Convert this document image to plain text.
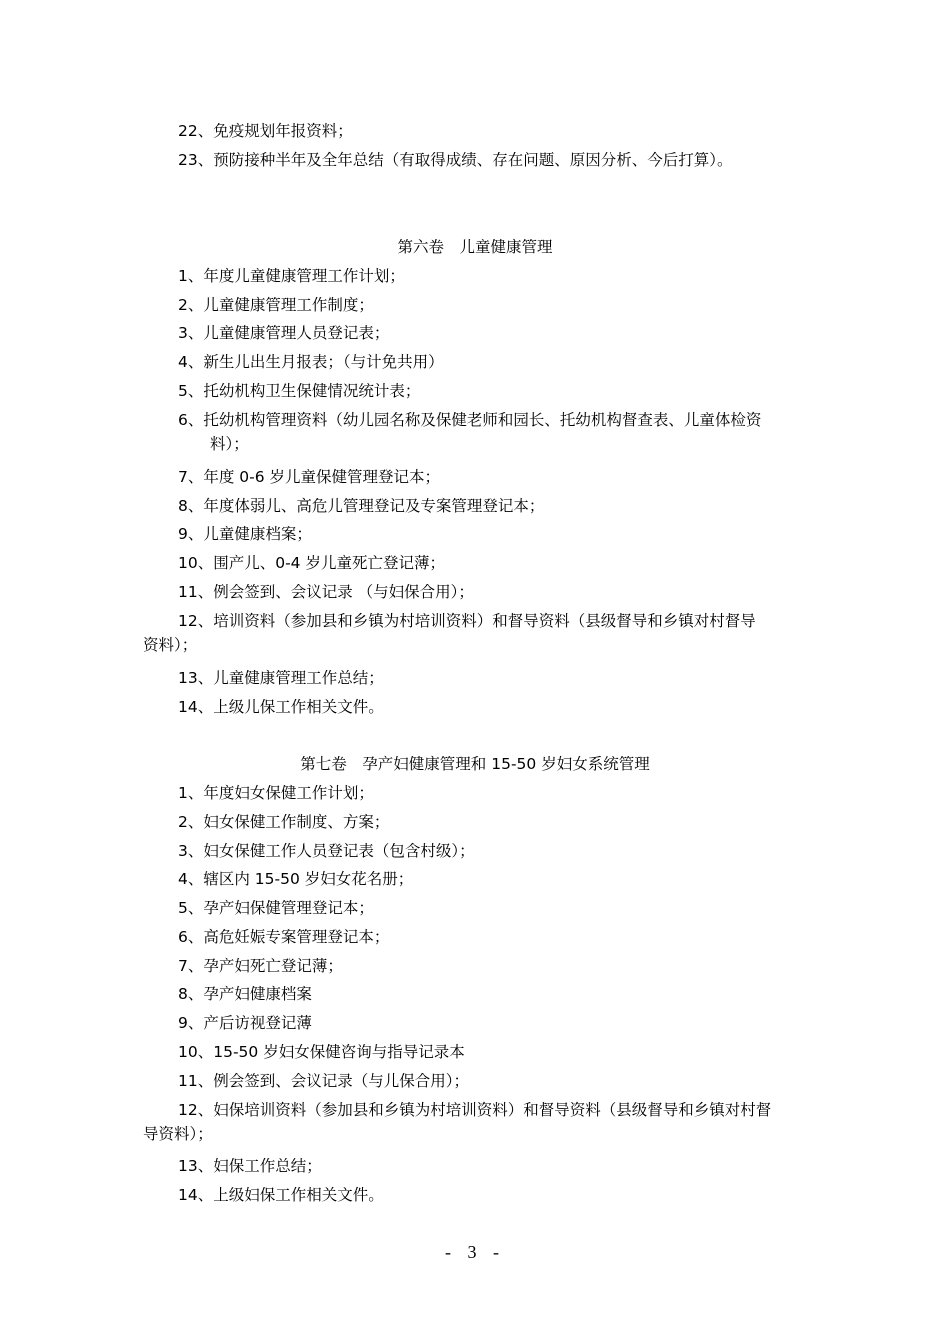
22、免疫规划年报资料；
23、预防接种半年及全年总结（有取得成绩、存在问题、原因分析、今后打算）。
第六卷　儿童健康管理
1、年度儿童健康管理工作计划；
2、儿童健康管理工作制度；
3、儿童健康管理人员登记表；
4、新生儿出生月报表；（与计免共用）
5、托幼机构卫生保健情况统计表；
6、托幼机构管理资料（幼儿园名称及保健老师和园长、托幼机构督查表、儿童体检资
料）；
7、年度 0-6 岁儿童保健管理登记本；
8、年度体弱儿、高危儿管理登记及专案管理登记本；
9、儿童健康档案；
10、围产儿、0-4 岁儿童死亡登记薄；
11、例会签到、会议记录 （与妇保合用）；
12、培训资料（参加县和乡镇为村培训资料）和督导资料（县级督导和乡镇对村督导
资料）；
13、儿童健康管理工作总结；
14、上级儿保工作相关文件。
第七卷　孕产妇健康管理和 15-50 岁妇女系统管理
1、年度妇女保健工作计划；
2、妇女保健工作制度、方案；
3、妇女保健工作人员登记表（包含村级）；
4、辖区内 15-50 岁妇女花名册；
5、孕产妇保健管理登记本；
6、高危妊娠专案管理登记本；
7、孕产妇死亡登记薄；
8、孕产妇健康档案
9、产后访视登记薄
10、15-50 岁妇女保健咨询与指导记录本
11、例会签到、会议记录（与儿保合用）；
12、妇保培训资料（参加县和乡镇为村培训资料）和督导资料（县级督导和乡镇对村督
导资料）；
13、妇保工作总结；
14、上级妇保工作相关文件。
- 3 -
